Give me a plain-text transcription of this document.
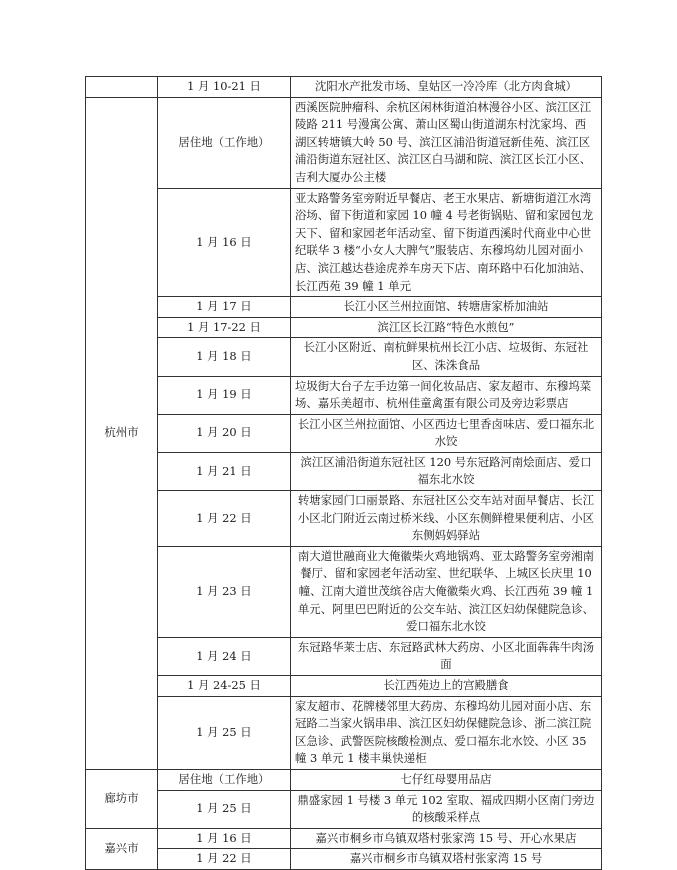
	1 月 10-21 日	沈阳水产批发市场、皇姑区一冷冷库（北方肉食城）
杭州市	居住地（工作地）	西溪医院肿瘤科、余杭区闲林街道泊林漫谷小区、滨江区江陵路 211 号漫寓公寓、萧山区蜀山街道湖东村沈家坞、西湖区转塘镇大岭 50 号、滨江区浦沿街道冠新佳苑、滨江区浦沿街道东冠社区、滨江区白马湖和院、滨江区长江小区、吉利大厦办公主楼
	1 月 16 日	亚太路警务室旁附近早餐店、老王水果店、新塘街道江水湾浴场、留下街道和家园 10 幢 4 号老街锅贴、留和家园包龙天下、留和家园老年活动室、留下街道西溪时代商业中心世纪联华 3 楼“小女人大脾气”服装店、东穆坞幼儿园对面小店、滨江越达巷途虎养车房天下店、南环路中石化加油站、长江西苑 39 幢 1 单元
	1 月 17 日	长江小区兰州拉面馆、转塘唐家桥加油站
	1 月 17-22 日	滨江区长江路“特色水煎包”
	1 月 18 日	长江小区附近、南杭鲜果杭州长江小店、垃圾街、东冠社区、洙洙食品
	1 月 19 日	垃圾街大台子左手边第一间化妆品店、家友超市、东穆坞菜场、嘉乐美超市、杭州佳童禽蛋有限公司及旁边彩票店
	1 月 20 日	长江小区兰州拉面馆、小区西边七里香卤味店、爱口福东北水饺
	1 月 21 日	滨江区浦沿街道东冠社区 120 号东冠路河南烩面店、爱口福东北水饺
	1 月 22 日	转塘家园门口丽景路、东冠社区公交车站对面早餐店、长江小区北门附近云南过桥米线、小区东侧鲜橙果便利店、小区东侧妈妈驿站
	1 月 23 日	南大道世融商业大俺徽柴火鸡地锅鸡、亚太路警务室旁湘南餐厅、留和家园老年活动室、世纪联华、上城区长庆里 10 幢、江南大道世茂缤谷店大俺徽柴火鸡、长江西苑 39 幢 1 单元、阿里巴巴附近的公交车站、滨江区妇幼保健院急诊、爱口福东北水饺
	1 月 24 日	东冠路华莱士店、东冠路武林大药房、小区北面犇犇牛肉汤面
	1 月 24-25 日	长江西苑边上的宫殿膳食
	1 月 25 日	家友超市、花牌楼邻里大药房、东穆坞幼儿园对面小店、东冠路二当家火锅串串、滨江区妇幼保健院急诊、浙二滨江院区急诊、武警医院核酸检测点、爱口福东北水饺、小区 35 幢 3 单元 1 楼丰巢快递柜
廊坊市	居住地（工作地）	七仔红母婴用品店
	1 月 25 日	鼎盛家园 1 号楼 3 单元 102 室取、福成四期小区南门旁边的核酸采样点
嘉兴市	1 月 16 日	嘉兴市桐乡市乌镇双塔村张家湾 15 号、开心水果店
	1 月 22 日	嘉兴市桐乡市乌镇双塔村张家湾 15 号
